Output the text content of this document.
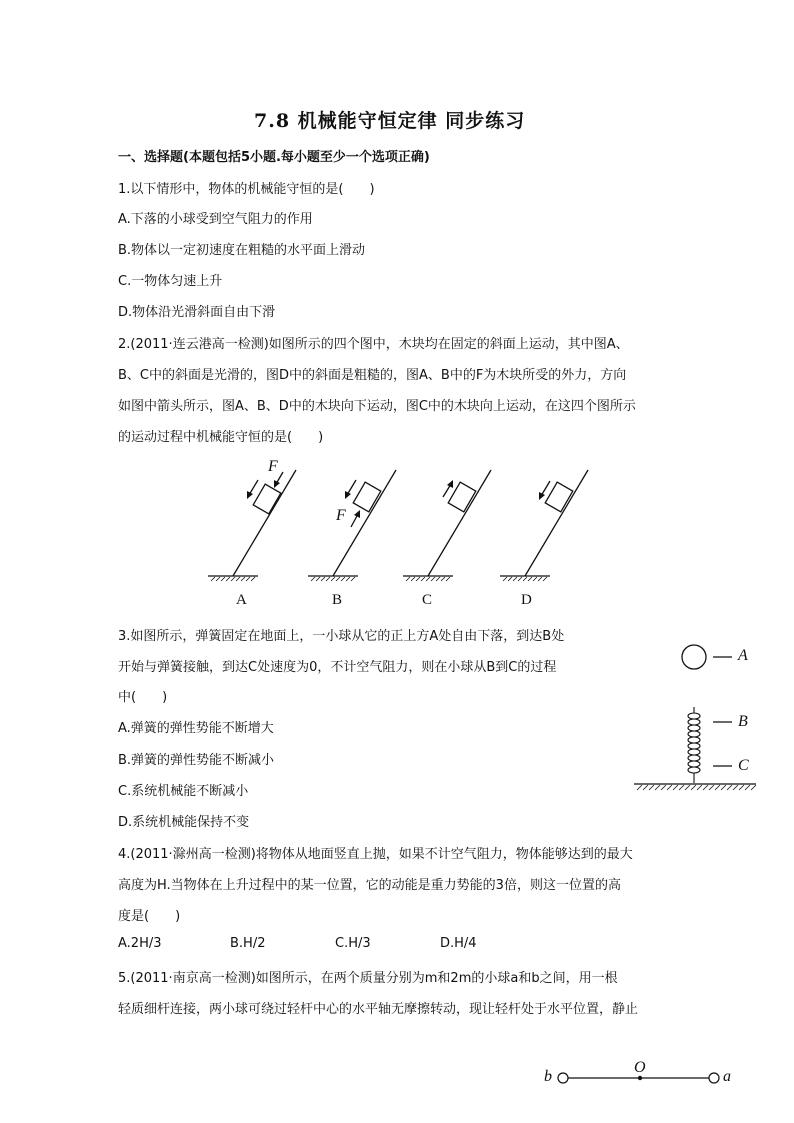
7.8 机械能守恒定律 同步练习
一、选择题(本题包括5小题.每小题至少一个选项正确)
1.以下情形中，物体的机械能守恒的是(　　)
A.下落的小球受到空气阻力的作用
B.物体以一定初速度在粗糙的水平面上滑动
C.一物体匀速上升
D.物体沿光滑斜面自由下滑
2.(2011·连云港高一检测)如图所示的四个图中，木块均在固定的斜面上运动，其中图A、
B、C中的斜面是光滑的，图D中的斜面是粗糙的，图A、B中的F为木块所受的外力，方向
如图中箭头所示，图A、B、D中的木块向下运动，图C中的木块向上运动，在这四个图所示
的运动过程中机械能守恒的是(　　)
F
F
A	B	C	D
3.如图所示，弹簧固定在地面上，一小球从它的正上方A处自由下落，到达B处
开始与弹簧接触，到达C处速度为0，不计空气阻力，则在小球从B到C的过程
中(　　)
A.弹簧的弹性势能不断增大
B.弹簧的弹性势能不断减小
C.系统机械能不断减小
D.系统机械能保持不变
A
B
C
4.(2011·滁州高一检测)将物体从地面竖直上抛，如果不计空气阻力，物体能够达到的最大
高度为H.当物体在上升过程中的某一位置，它的动能是重力势能的3倍，则这一位置的高
度是(　　)
A.2H/3	B.H/2	C.H/3	D.H/4
5.(2011·南京高一检测)如图所示，在两个质量分别为m和2m的小球a和b之间，用一根
轻质细杆连接，两小球可绕过轻杆中心的水平轴无摩擦转动，现让轻杆处于水平位置，静止
b
O
a
